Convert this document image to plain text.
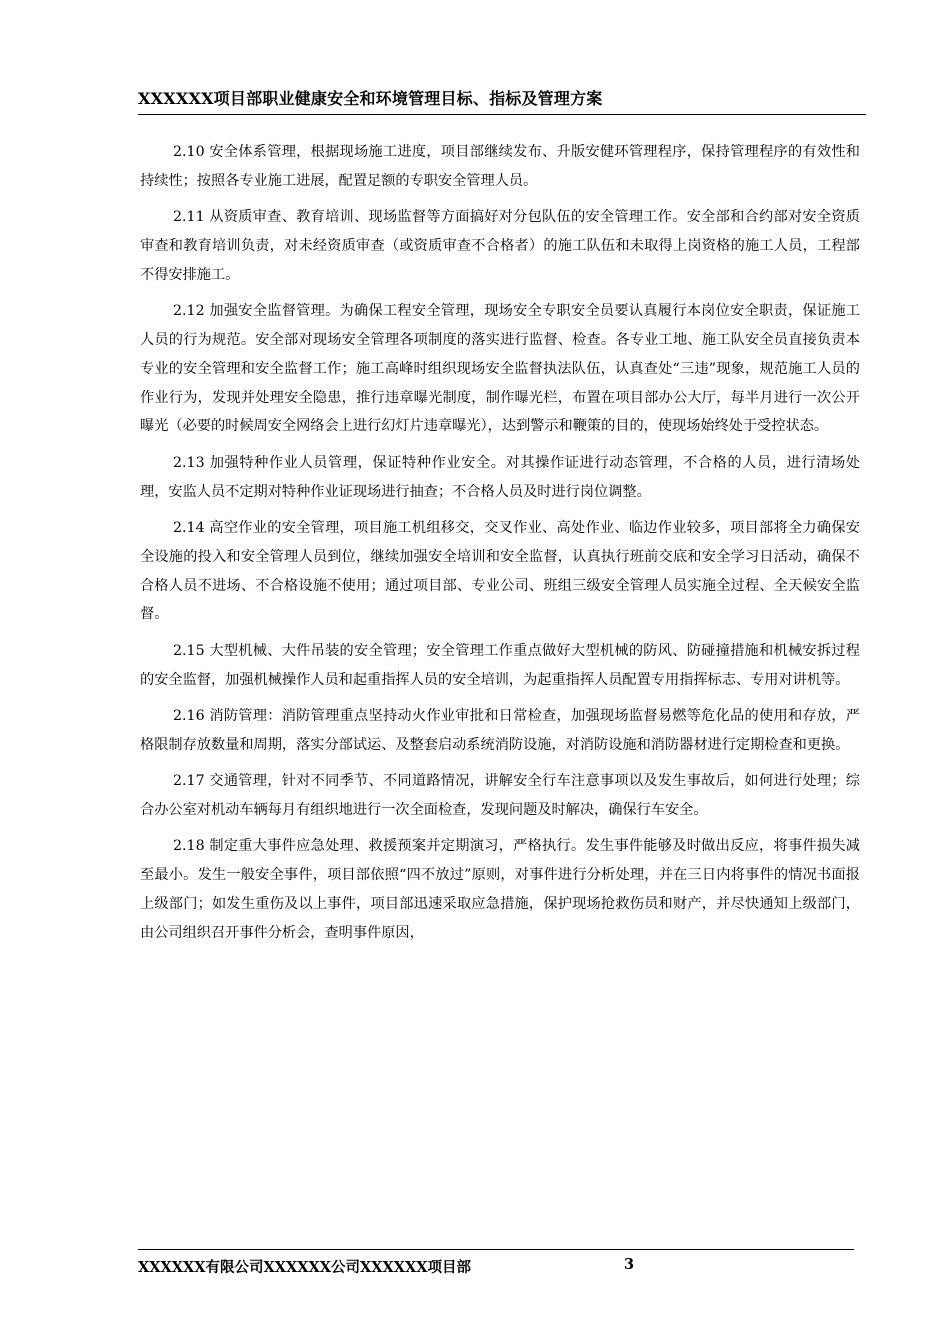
XXXXXX项目部职业健康安全和环境管理目标、指标及管理方案

2.10 安全体系管理，根据现场施工进度，项目部继续发布、升版安健环管理程序，保持管理程序的有效性和持续性；按照各专业施工进展，配置足额的专职安全管理人员。

2.11 从资质审查、教育培训、现场监督等方面搞好对分包队伍的安全管理工作。安全部和合约部对安全资质审查和教育培训负责，对未经资质审查（或资质审查不合格者）的施工队伍和未取得上岗资格的施工人员，工程部不得安排施工。

2.12 加强安全监督管理。为确保工程安全管理，现场安全专职安全员要认真履行本岗位安全职责，保证施工人员的行为规范。安全部对现场安全管理各项制度的落实进行监督、检查。各专业工地、施工队安全员直接负责本专业的安全管理和安全监督工作；施工高峰时组织现场安全监督执法队伍，认真查处“三违”现象，规范施工人员的作业行为，发现并处理安全隐患，推行违章曝光制度，制作曝光栏，布置在项目部办公大厅，每半月进行一次公开曝光（必要的时候周安全网络会上进行幻灯片违章曝光），达到警示和鞭策的目的，使现场始终处于受控状态。

2.13 加强特种作业人员管理，保证特种作业安全。对其操作证进行动态管理，不合格的人员，进行清场处理，安监人员不定期对特种作业证现场进行抽查；不合格人员及时进行岗位调整。

2.14 高空作业的安全管理，项目施工机组移交，交叉作业、高处作业、临边作业较多，项目部将全力确保安全设施的投入和安全管理人员到位，继续加强安全培训和安全监督，认真执行班前交底和安全学习日活动，确保不合格人员不进场、不合格设施不使用；通过项目部、专业公司、班组三级安全管理人员实施全过程、全天候安全监督。

2.15 大型机械、大件吊装的安全管理；安全管理工作重点做好大型机械的防风、防碰撞措施和机械安拆过程的安全监督，加强机械操作人员和起重指挥人员的安全培训，为起重指挥人员配置专用指挥标志、专用对讲机等。

2.16 消防管理：消防管理重点坚持动火作业审批和日常检查，加强现场监督易燃等危化品的使用和存放，严格限制存放数量和周期，落实分部试运、及整套启动系统消防设施，对消防设施和消防器材进行定期检查和更换。

2.17 交通管理，针对不同季节、不同道路情况，讲解安全行车注意事项以及发生事故后，如何进行处理；综合办公室对机动车辆每月有组织地进行一次全面检查，发现问题及时解决，确保行车安全。

2.18 制定重大事件应急处理、救援预案并定期演习，严格执行。发生事件能够及时做出反应，将事件损失减至最小。发生一般安全事件，项目部依照“四不放过”原则，对事件进行分析处理，并在三日内将事件的情况书面报上级部门；如发生重伤及以上事件，项目部迅速采取应急措施，保护现场抢救伤员和财产，并尽快通知上级部门，由公司组织召开事件分析会，查明事件原因，

XXXXXX有限公司XXXXXX公司XXXXXX项目部	3
